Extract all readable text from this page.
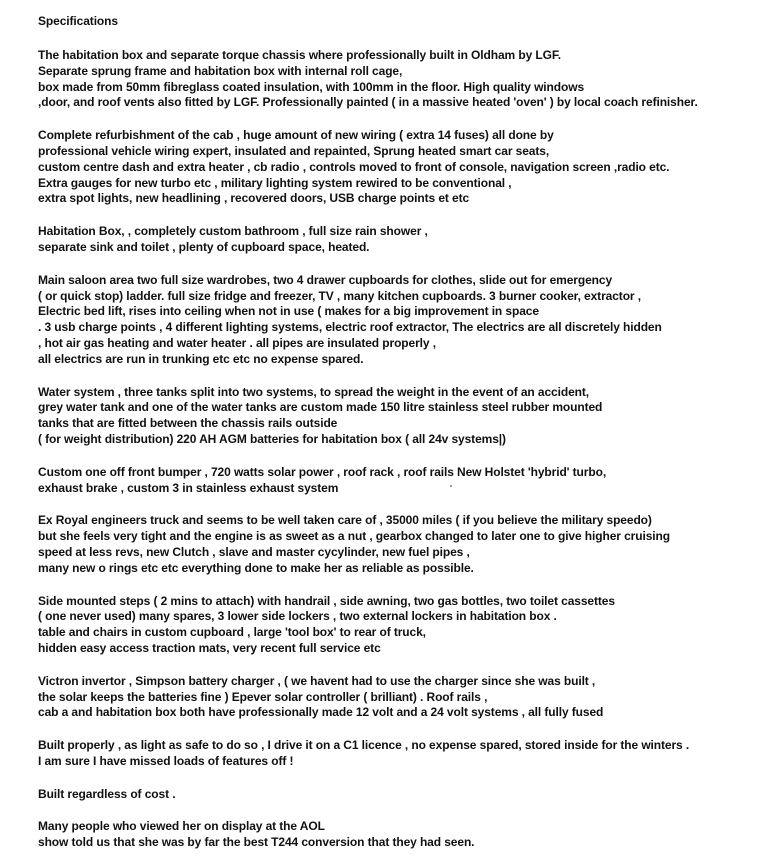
Specifications
The habitation box and separate torque chassis where professionally built in Oldham by LGF.
Separate sprung frame and habitation box with internal roll cage,
box made from 50mm fibreglass coated insulation, with 100mm in the floor. High quality windows
,door, and roof vents also fitted by LGF. Professionally painted ( in a massive heated 'oven' ) by local coach refinisher.
Complete refurbishment of the cab , huge amount of new wiring ( extra 14 fuses) all done by
professional vehicle wiring expert, insulated and repainted, Sprung heated smart car seats,
custom centre dash and extra heater , cb radio , controls moved to front of console, navigation screen ,radio etc.
Extra gauges for new turbo etc , military lighting system rewired to be conventional ,
extra spot lights, new headlining , recovered doors, USB charge points et etc
Habitation Box, , completely custom bathroom , full size rain shower ,
separate sink and toilet , plenty of cupboard space, heated.
Main saloon area two full size wardrobes, two 4 drawer cupboards for clothes, slide out for emergency
( or quick stop) ladder. full size fridge and freezer, TV , many kitchen cupboards. 3 burner cooker, extractor ,
Electric bed lift, rises into ceiling when not in use ( makes for a big improvement in space
. 3 usb charge points , 4 different lighting systems, electric roof extractor, The electrics are all discretely hidden
, hot air gas heating and water heater . all pipes are insulated properly ,
all electrics are run in trunking etc etc no expense spared.
Water system , three tanks split into two systems, to spread the weight in the event of an accident,
grey water tank and one of the water tanks are custom made 150 litre stainless steel rubber mounted
tanks that are fitted between the chassis rails outside
( for weight distribution) 220 AH AGM batteries for habitation box ( all 24v systems|)
Custom one off front bumper , 720 watts solar power , roof rack , roof rails New Holstet 'hybrid' turbo,
exhaust brake , custom 3 in stainless exhaust system
Ex Royal engineers truck and seems to be well taken care of , 35000 miles ( if you believe the military speedo)
but she feels very tight and the engine is as sweet as a nut , gearbox changed to later one to give higher cruising
speed at less revs, new Clutch , slave and master cycylinder, new fuel pipes ,
many new o rings etc etc everything done to make her as reliable as possible.
Side mounted steps ( 2 mins to attach) with handrail , side awning, two gas bottles, two toilet cassettes
( one never used) many spares, 3 lower side lockers , two external lockers in habitation box .
table and chairs in custom cupboard , large 'tool box' to rear of truck,
hidden easy access traction mats, very recent full service etc
Victron invertor , Simpson battery charger , ( we havent had to use the charger since she was built ,
the solar keeps the batteries fine ) Epever solar controller ( brilliant) . Roof rails ,
cab a and habitation box both have professionally made 12 volt and a 24 volt systems , all fully fused
Built properly , as light as safe to do so , I drive it on a C1 licence , no expense spared, stored inside for the winters .
I am sure I have missed loads of features off !
Built regardless of cost .
Many people who viewed her on display at the AOL
show told us that she was by far the best T244 conversion that they had seen.
